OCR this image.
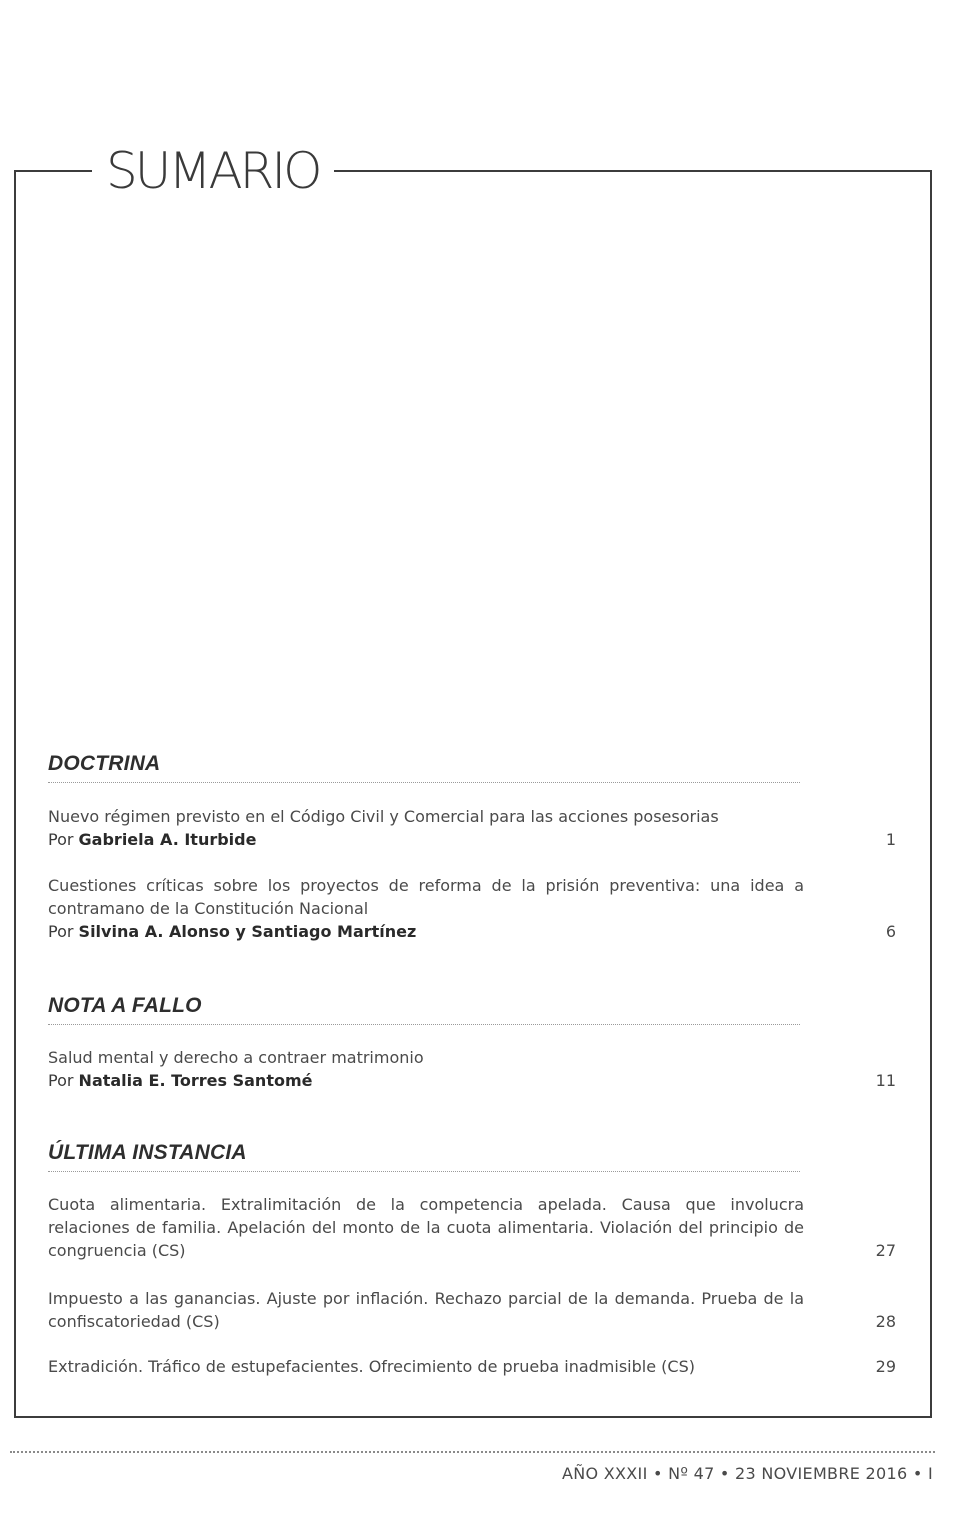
SUMARIO
DOCTRINA
Nuevo régimen previsto en el Código Civil y Comercial para las acciones posesorias
Por Gabriela A. Iturbide	1
Cuestiones críticas sobre los proyectos de reforma de la prisión preventiva: una idea a contramano de la Constitución Nacional
Por Silvina A. Alonso y Santiago Martínez	6
NOTA A FALLO
Salud mental y derecho a contraer matrimonio
Por Natalia E. Torres Santomé	11
ÚLTIMA INSTANCIA
Cuota alimentaria. Extralimitación de la competencia apelada. Causa que involucra relaciones de familia. Apelación del monto de la cuota alimentaria. Violación del principio de congruencia (CS)	27
Impuesto a las ganancias. Ajuste por inflación. Rechazo parcial de la demanda. Prueba de la confiscatoriedad (CS)	28
Extradición. Tráfico de estupefacientes. Ofrecimiento de prueba inadmisible (CS)	29
AÑO XXXII • Nº 47 • 23 NOVIEMBRE 2016 • I
